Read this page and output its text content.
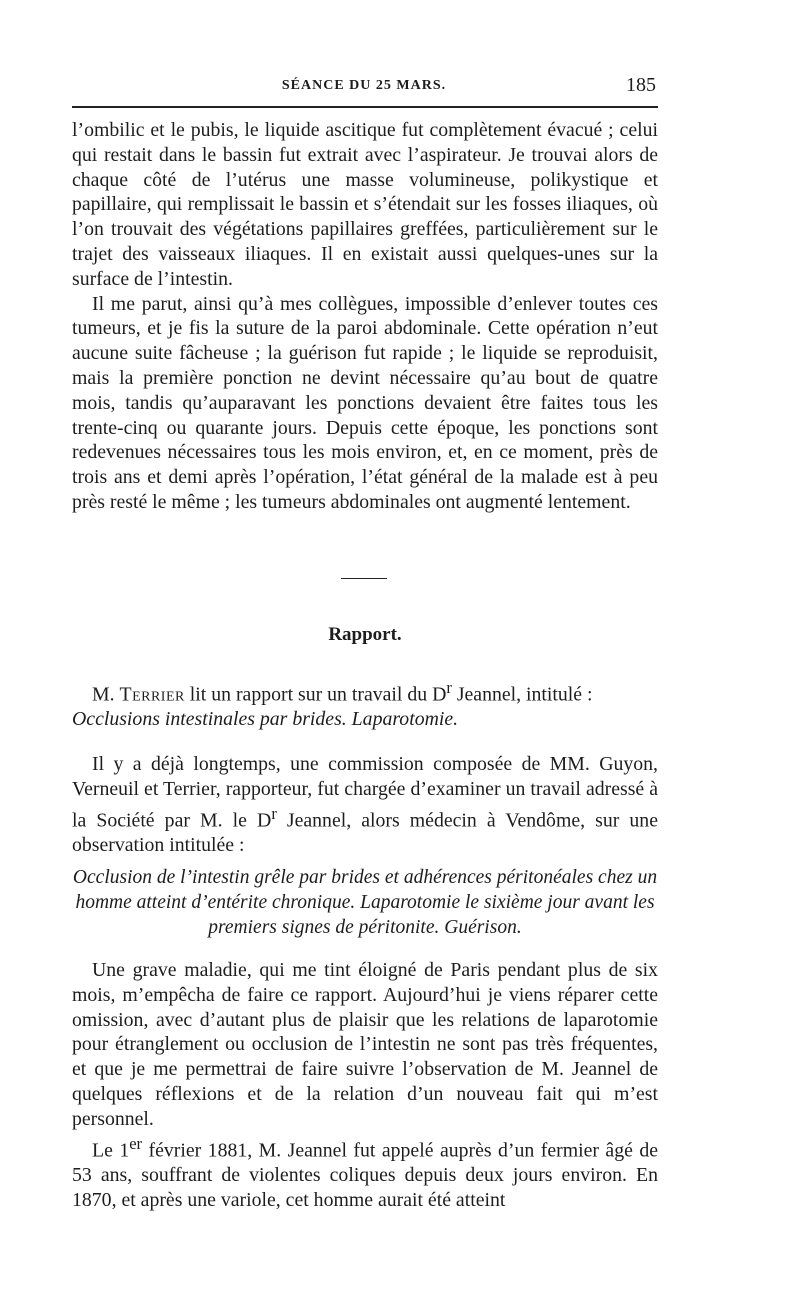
SÉANCE DU 25 MARS.	185

l’ombilic et le pubis, le liquide ascitique fut complètement évacué ; celui qui restait dans le bassin fut extrait avec l’aspirateur. Je trouvai alors de chaque côté de l’utérus une masse volumineuse, polikystique et papillaire, qui remplissait le bassin et s’étendait sur les fosses iliaques, où l’on trouvait des végétations papillaires greffées, particulièrement sur le trajet des vaisseaux iliaques. Il en existait aussi quelques-unes sur la surface de l’intestin.

Il me parut, ainsi qu’à mes collègues, impossible d’enlever toutes ces tumeurs, et je fis la suture de la paroi abdominale. Cette opération n’eut aucune suite fâcheuse ; la guérison fut rapide ; le liquide se reproduisit, mais la première ponction ne devint nécessaire qu’au bout de quatre mois, tandis qu’auparavant les ponctions devaient être faites tous les trente-cinq ou quarante jours. Depuis cette époque, les ponctions sont redevenues nécessaires tous les mois environ, et, en ce moment, près de trois ans et demi après l’opération, l’état général de la malade est à peu près resté le même ; les tumeurs abdominales ont augmenté lentement.

Rapport.

M. Terrier lit un rapport sur un travail du $D^r$ Jeannel, intitulé :

Occlusions intestinales par brides. Laparotomie.

Il y a déjà longtemps, une commission composée de MM. Guyon, Verneuil et Terrier, rapporteur, fut chargée d’examiner un travail adressé à la Société par M. le $D^r$ Jeannel, alors médecin à Vendôme, sur une observation intitulée :

Occlusion de l’intestin grêle par brides et adhérences péritonéales chez un homme atteint d’entérite chronique. Laparotomie le sixième jour avant les premiers signes de péritonite. Guérison.

Une grave maladie, qui me tint éloigné de Paris pendant plus de six mois, m’empêcha de faire ce rapport. Aujourd’hui je viens réparer cette omission, avec d’autant plus de plaisir que les relations de laparotomie pour étranglement ou occlusion de l’intestin ne sont pas très fréquentes, et que je me permettrai de faire suivre l’observation de M. Jeannel de quelques réflexions et de la relation d’un nouveau fait qui m’est personnel.

Le 1er février 1881, M. Jeannel fut appelé auprès d’un fermier âgé de 53 ans, souffrant de violentes coliques depuis deux jours environ. En 1870, et après une variole, cet homme aurait été atteint
